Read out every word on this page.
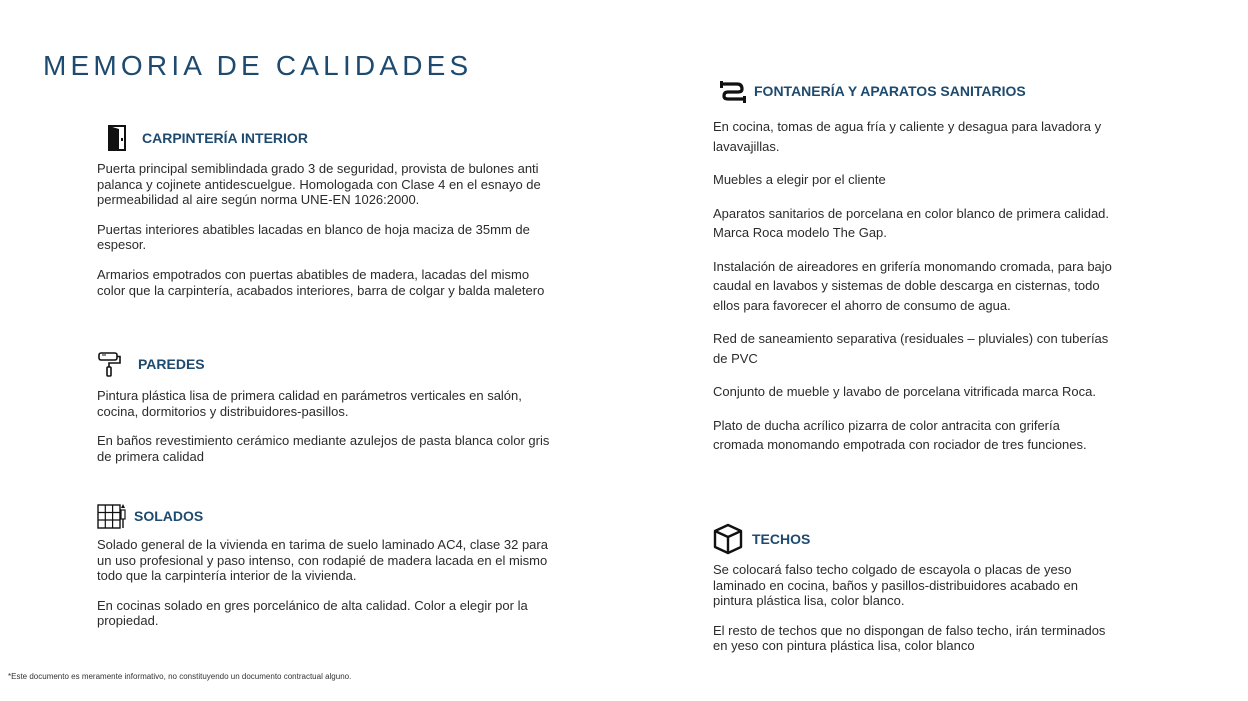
MEMORIA DE CALIDADES
CARPINTERÍA INTERIOR

Puerta principal semiblindada grado 3 de seguridad, provista de bulones anti palanca y cojinete antidescuelgue. Homologada con Clase 4 en el esnayo de permeabilidad al aire según norma UNE-EN 1026:2000.

Puertas interiores abatibles lacadas en blanco de hoja maciza de 35mm de espesor.

Armarios empotrados con puertas abatibles de madera, lacadas del mismo color que la carpintería, acabados interiores, barra de colgar y balda maletero

PAREDES

Pintura plástica lisa de primera calidad en parámetros verticales en salón, cocina, dormitorios y distribuidores-pasillos.

En baños revestimiento cerámico mediante azulejos de pasta blanca color gris de primera calidad

SOLADOS

Solado general de la vivienda en tarima de suelo laminado AC4, clase 32 para un uso profesional y paso intenso, con rodapié de madera lacada en el mismo todo que la carpintería interior de la vivienda.

En cocinas solado en gres porcelánico de alta calidad. Color a elegir por la propiedad.

FONTANERÍA Y APARATOS SANITARIOS

En cocina, tomas de agua fría y caliente y desagua para lavadora y lavavajillas.

Muebles a elegir por el cliente

Aparatos sanitarios de porcelana en color blanco de primera calidad. Marca Roca modelo The Gap.

Instalación de aireadores en grifería monomando cromada, para bajo caudal en lavabos y sistemas de doble descarga en cisternas, todo ellos para favorecer el ahorro de consumo de agua.

Red de saneamiento separativa (residuales – pluviales) con tuberías de PVC

Conjunto de mueble y lavabo de porcelana vitrificada marca Roca.

Plato de ducha acrílico pizarra de color antracita con grifería cromada monomando empotrada con rociador de tres funciones.

TECHOS

Se colocará falso techo colgado de escayola o placas de yeso laminado en cocina, baños y pasillos-distribuidores acabado en pintura plástica lisa, color blanco.

El resto de techos que no dispongan de falso techo, irán terminados en yeso con pintura plástica lisa, color blanco

*Este documento es meramente informativo, no constituyendo un documento contractual alguno.
